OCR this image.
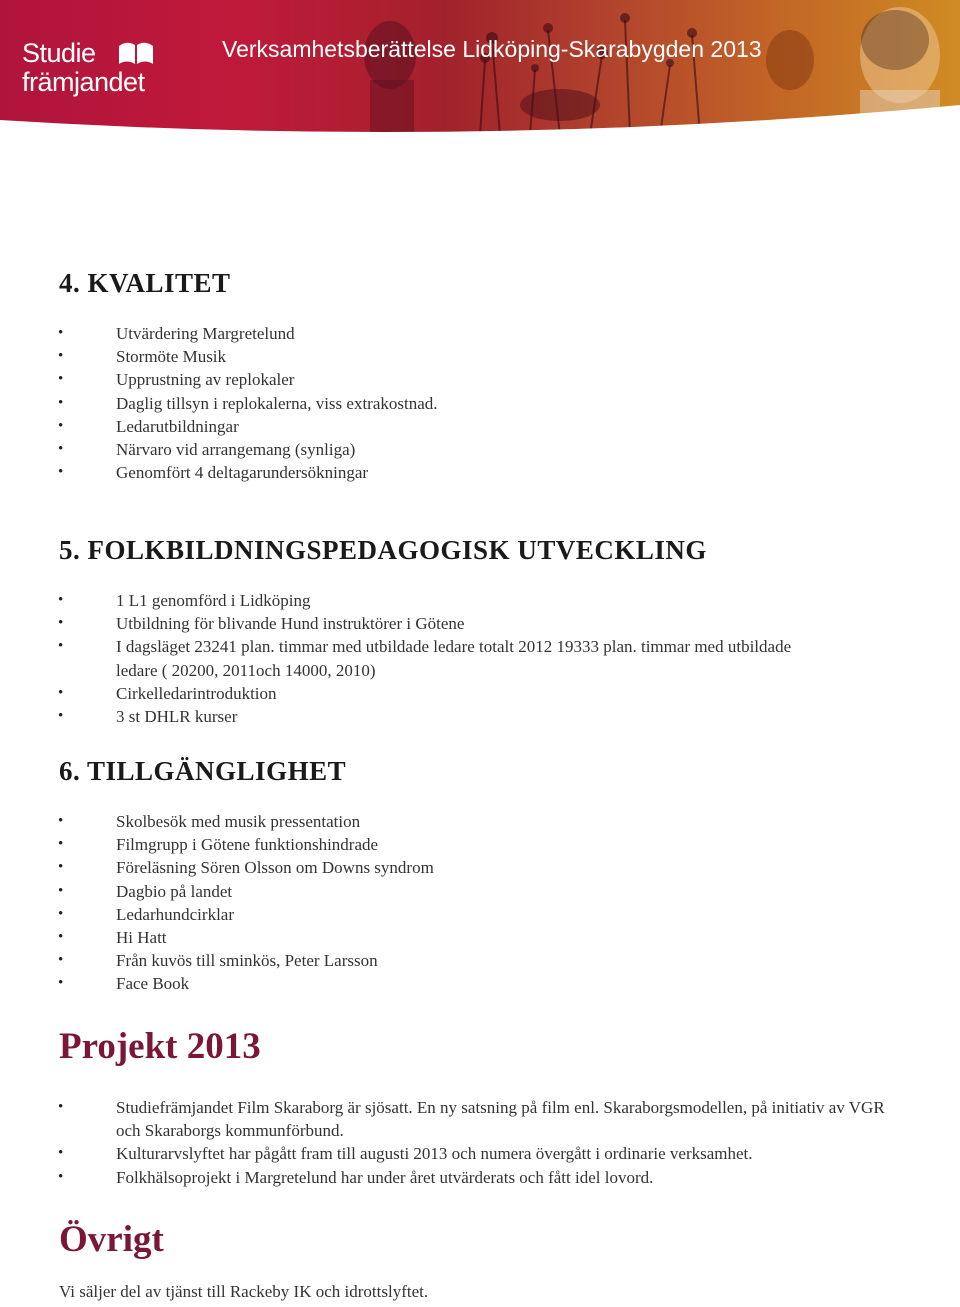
Studie
främjandet
Verksamhetsberättelse Lidköping-Skarabygden 2013
4. KVALITET
• Utvärdering Margretelund
• Stormöte Musik
• Upprustning av replokaler
• Daglig tillsyn i replokalerna, viss extrakostnad.
• Ledarutbildningar
• Närvaro vid arrangemang (synliga)
• Genomfört 4 deltagarundersökningar
5. FOLKBILDNINGSPEDAGOGISK UTVECKLING
• 1 L1 genomförd i Lidköping
• Utbildning för blivande Hund instruktörer i Götene
• I dagsläget 23241 plan. timmar med utbildade ledare totalt 2012 19333 plan. timmar med utbildade ledare ( 20200, 2011och 14000, 2010)
• Cirkelledarintroduktion
• 3 st DHLR kurser
6. TILLGÄNGLIGHET
• Skolbesök med musik pressentation
• Filmgrupp i Götene funktionshindrade
• Föreläsning Sören Olsson om Downs syndrom
• Dagbio på landet
• Ledarhundcirklar
• Hi Hatt
• Från kuvös till sminkös, Peter Larsson
• Face Book
Projekt 2013
• Studiefrämjandet Film Skaraborg är sjösatt. En ny satsning på film enl. Skaraborgsmodellen, på initiativ av VGR och Skaraborgs kommunförbund.
• Kulturarvslyftet har pågått fram till augusti 2013 och numera övergått i ordinarie verksamhet.
• Folkhälsoprojekt i Margretelund har under året utvärderats och fått idel lovord.
Övrigt

Vi säljer del av tjänst till Rackeby IK och idrottslyftet.
